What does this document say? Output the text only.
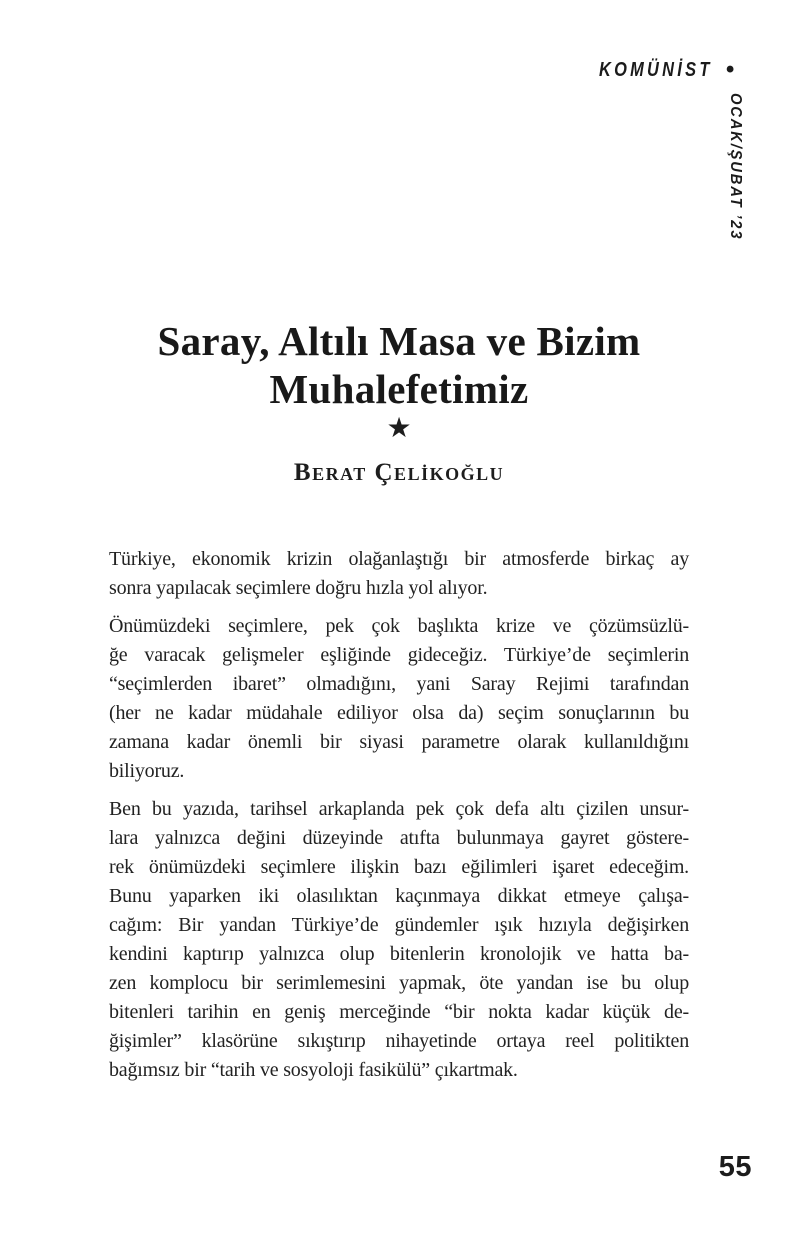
KOMÜNİST •
OCAK/ŞUBAT ’23
Saray, Altılı Masa ve Bizim
Muhalefetimiz
★
Berat Çelikoğlu
Türkiye, ekonomik krizin olağanlaştığı bir atmosferde birkaç ay
sonra yapılacak seçimlere doğru hızla yol alıyor.
Önümüzdeki seçimlere, pek çok başlıkta krize ve çözümsüzlü-
ğe varacak gelişmeler eşliğinde gideceğiz. Türkiye’de seçimlerin
“seçimlerden ibaret” olmadığını, yani Saray Rejimi tarafından
(her ne kadar müdahale ediliyor olsa da) seçim sonuçlarının bu
zamana kadar önemli bir siyasi parametre olarak kullanıldığını
biliyoruz.
Ben bu yazıda, tarihsel arkaplanda pek çok defa altı çizilen unsur-
lara yalnızca değini düzeyinde atıfta bulunmaya gayret göstere-
rek önümüzdeki seçimlere ilişkin bazı eğilimleri işaret edeceğim.
Bunu yaparken iki olasılıktan kaçınmaya dikkat etmeye çalışa-
cağım: Bir yandan Türkiye’de gündemler ışık hızıyla değişirken
kendini kaptırıp yalnızca olup bitenlerin kronolojik ve hatta ba-
zen komplocu bir serimlemesini yapmak, öte yandan ise bu olup
bitenleri tarihin en geniş merceğinde “bir nokta kadar küçük de-
ğişimler” klasörüne sıkıştırıp nihayetinde ortaya reel politikten
bağımsız bir “tarih ve sosyoloji fasikülü” çıkartmak.
55
